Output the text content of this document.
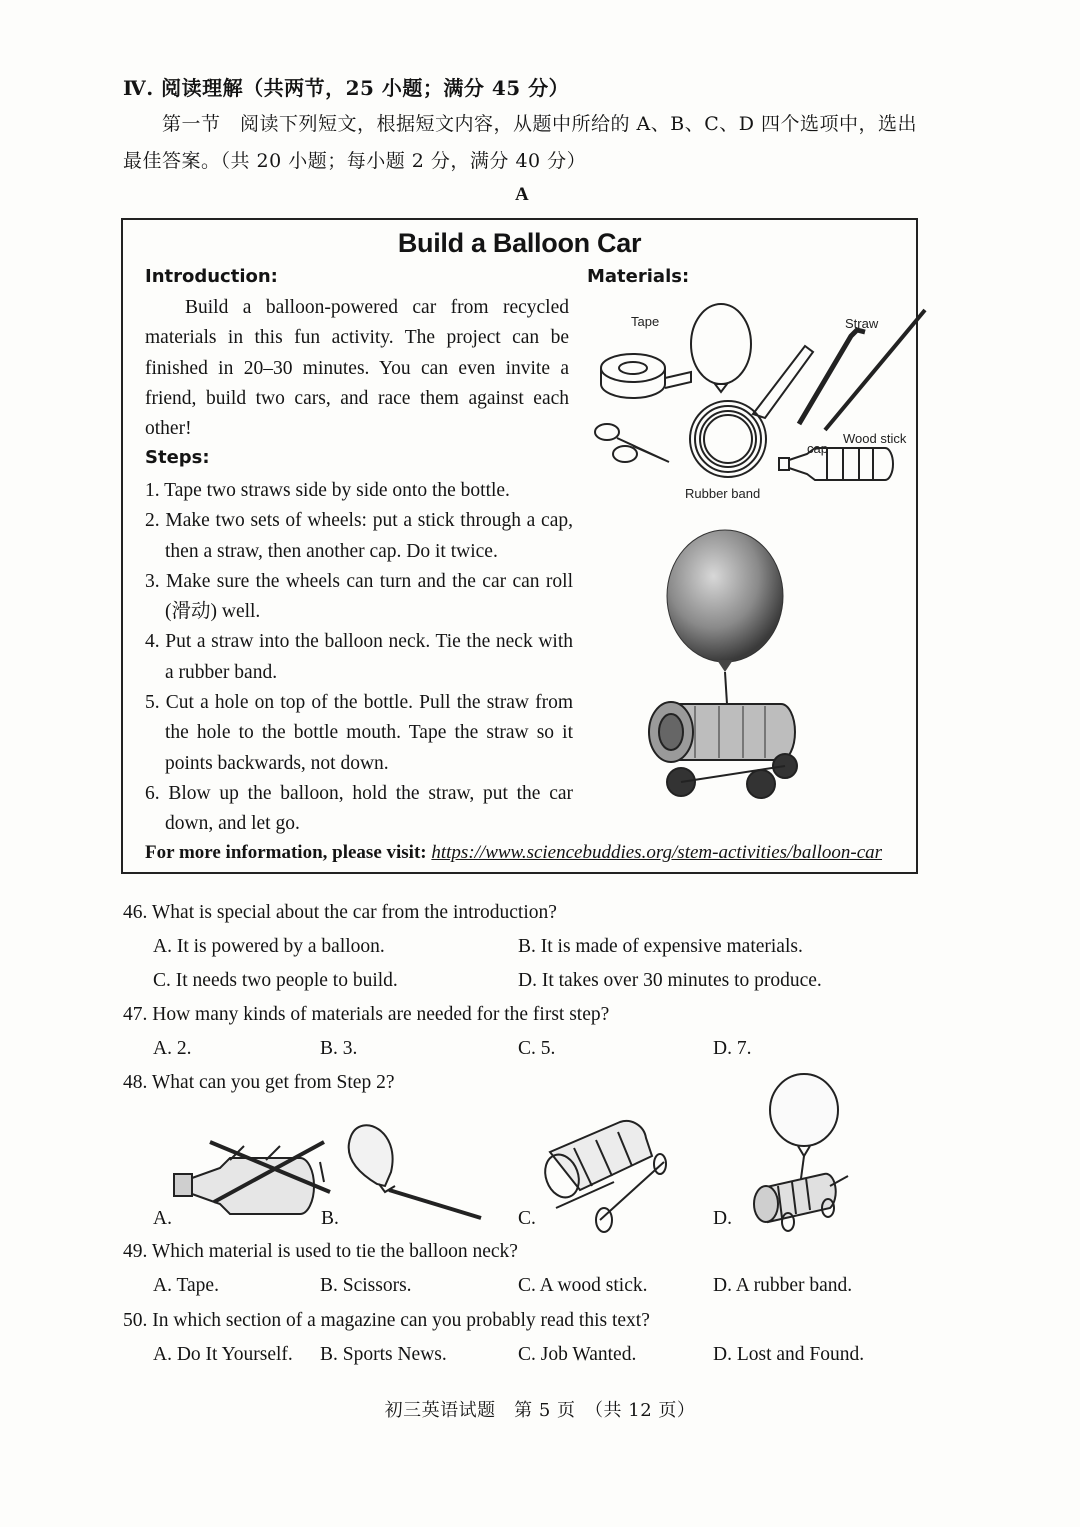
Ⅳ. 阅读理解（共两节，25 小题；满分 45 分）
第一节　阅读下列短文，根据短文内容，从题中所给的 A、B、C、D 四个选项中，选出
最佳答案。（共 20 小题；每小题 2 分，满分 40 分）
A
Build a Balloon Car
Introduction:

Build a balloon-powered car from recycled materials in this fun activity. The project can be finished in 20–30 minutes. You can even invite a friend, build two cars, and race them against each other!

Steps:
1. Tape two straws side by side onto the bottle.
2. Make two sets of wheels: put a stick through a cap, then a straw, then another cap. Do it twice.
3. Make sure the wheels can turn and the car can roll (滑动) well.
4. Put a straw into the balloon neck. Tie the neck with a rubber band.
5. Cut a hole on top of the bottle. Pull the straw from the hole to the bottle mouth. Tape the straw so it points backwards, not down.
6. Blow up the balloon, hold the straw, put the car down, and let go.
For more information, please visit: https://www.sciencebuddies.org/stem-activities/balloon-car
Materials:
Tape	Straw
Wood stick
cap
Rubber band
46. What is special about the car from the introduction?
A. It is powered by a balloon.	B. It is made of expensive materials.
C. It needs two people to build.	D. It takes over 30 minutes to produce.
47. How many kinds of materials are needed for the first step?
A. 2.	B. 3.	C. 5.	D. 7.
48. What can you get from Step 2?
A.	B.	C.	D.
49. Which material is used to tie the balloon neck?
A. Tape.	B. Scissors.	C. A wood stick.	D. A rubber band.
50. In which section of a magazine can you probably read this text?
A. Do It Yourself. B. Sports News.	C. Job Wanted.	D. Lost and Found.
初三英语试题　第 5 页　（共 12 页）
